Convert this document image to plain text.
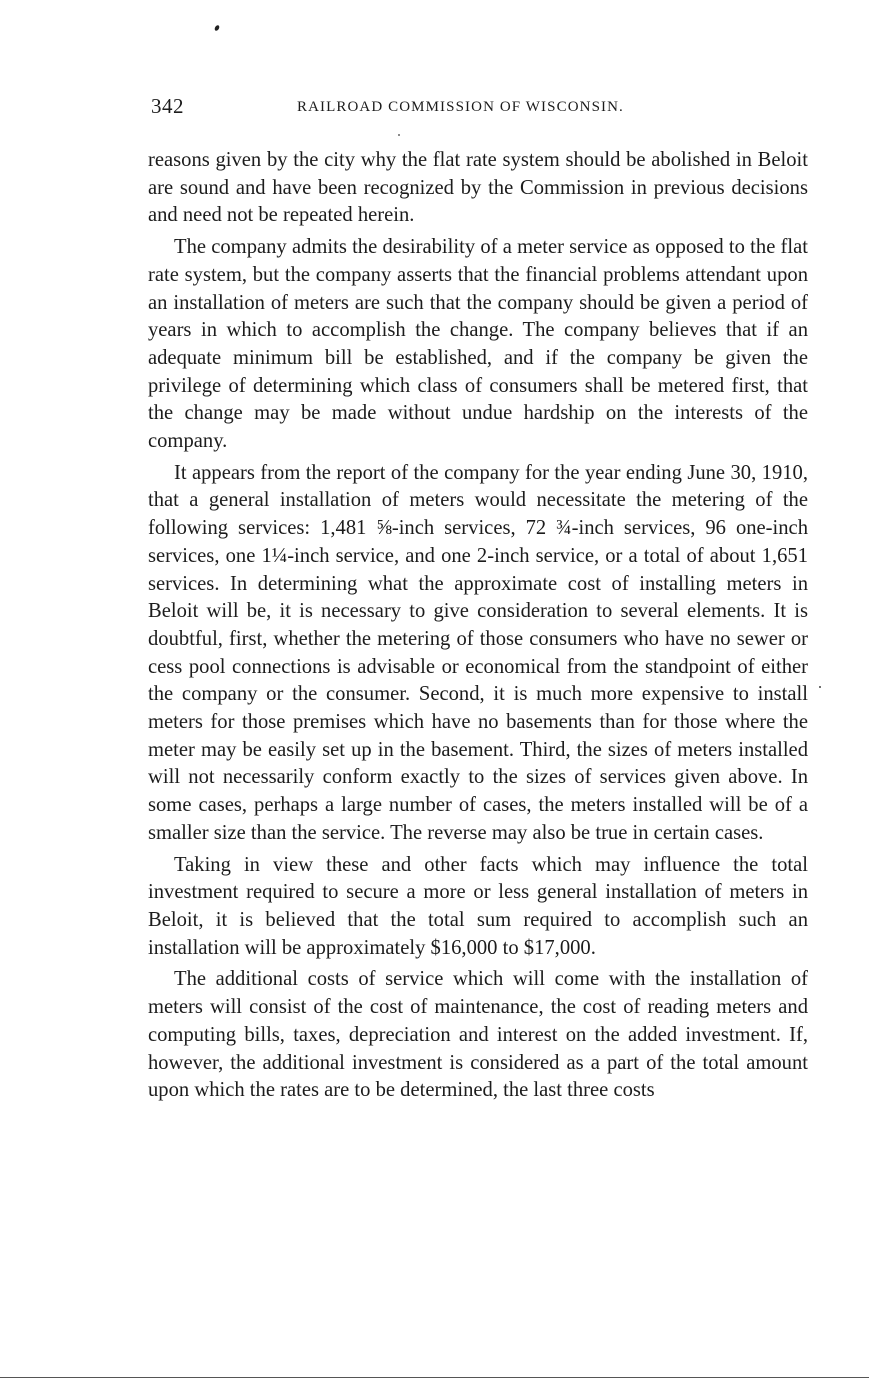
342	RAILROAD COMMISSION OF WISCONSIN.

reasons given by the city why the flat rate system should be abolished in Beloit are sound and have been recognized by the Commission in previous decisions and need not be repeated herein.

The company admits the desirability of a meter service as opposed to the flat rate system, but the company asserts that the financial problems attendant upon an installation of meters are such that the company should be given a period of years in which to accomplish the change. The company believes that if an adequate minimum bill be established, and if the company be given the privilege of determining which class of consumers shall be metered first, that the change may be made without undue hardship on the interests of the company.

It appears from the report of the company for the year ending June 30, 1910, that a general installation of meters would necessitate the metering of the following services: 1,481 ⅝-inch services, 72 ¾-inch services, 96 one-inch services, one 1¼-inch service, and one 2-inch service, or a total of about 1,651 services. In determining what the approximate cost of installing meters in Beloit will be, it is necessary to give consideration to several elements. It is doubtful, first, whether the metering of those consumers who have no sewer or cess pool connections is advisable or economical from the standpoint of either the company or the consumer. Second, it is much more expensive to install meters for those premises which have no basements than for those where the meter may be easily set up in the basement. Third, the sizes of meters installed will not necessarily conform exactly to the sizes of services given above. In some cases, perhaps a large number of cases, the meters installed will be of a smaller size than the service. The reverse may also be true in certain cases.

Taking in view these and other facts which may influence the total investment required to secure a more or less general installation of meters in Beloit, it is believed that the total sum required to accomplish such an installation will be approximately $16,000 to $17,000.

The additional costs of service which will come with the installation of meters will consist of the cost of maintenance, the cost of reading meters and computing bills, taxes, depreciation and interest on the added investment. If, however, the additional investment is considered as a part of the total amount upon which the rates are to be determined, the last three costs
